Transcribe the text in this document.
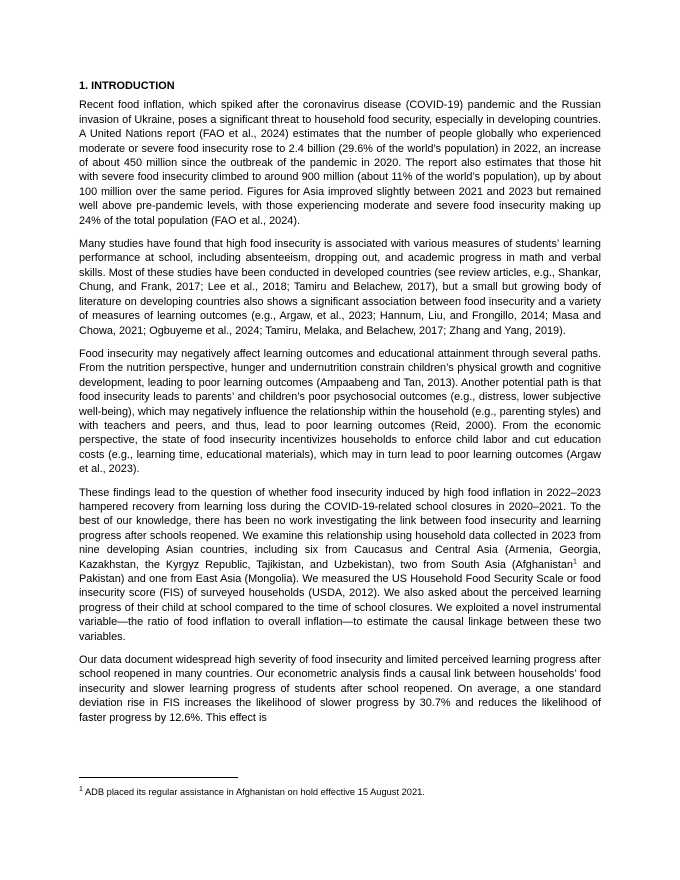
1. INTRODUCTION

Recent food inflation, which spiked after the coronavirus disease (COVID-19) pandemic and the Russian invasion of Ukraine, poses a significant threat to household food security, especially in developing countries. A United Nations report (FAO et al., 2024) estimates that the number of people globally who experienced moderate or severe food insecurity rose to 2.4 billion (29.6% of the world’s population) in 2022, an increase of about 450 million since the outbreak of the pandemic in 2020. The report also estimates that those hit with severe food insecurity climbed to around 900 million (about 11% of the world’s population), up by about 100 million over the same period. Figures for Asia improved slightly between 2021 and 2023 but remained well above pre-pandemic levels, with those experiencing moderate and severe food insecurity making up 24% of the total population (FAO et al., 2024).

Many studies have found that high food insecurity is associated with various measures of students’ learning performance at school, including absenteeism, dropping out, and academic progress in math and verbal skills. Most of these studies have been conducted in developed countries (see review articles, e.g., Shankar, Chung, and Frank, 2017; Lee et al., 2018; Tamiru and Belachew, 2017), but a small but growing body of literature on developing countries also shows a significant association between food insecurity and a variety of measures of learning outcomes (e.g., Argaw, et al., 2023; Hannum, Liu, and Frongillo, 2014; Masa and Chowa, 2021; Ogbuyeme et al., 2024; Tamiru, Melaka, and Belachew, 2017; Zhang and Yang, 2019).

Food insecurity may negatively affect learning outcomes and educational attainment through several paths. From the nutrition perspective, hunger and undernutrition constrain children’s physical growth and cognitive development, leading to poor learning outcomes (Ampaabeng and Tan, 2013). Another potential path is that food insecurity leads to parents’ and children’s poor psychosocial outcomes (e.g., distress, lower subjective well-being), which may negatively influence the relationship within the household (e.g., parenting styles) and with teachers and peers, and thus, lead to poor learning outcomes (Reid, 2000). From the economic perspective, the state of food insecurity incentivizes households to enforce child labor and cut education costs (e.g., learning time, educational materials), which may in turn lead to poor learning outcomes (Argaw et al., 2023).

These findings lead to the question of whether food insecurity induced by high food inflation in 2022–2023 hampered recovery from learning loss during the COVID-19-related school closures in 2020–2021. To the best of our knowledge, there has been no work investigating the link between food insecurity and learning progress after schools reopened. We examine this relationship using household data collected in 2023 from nine developing Asian countries, including six from Caucasus and Central Asia (Armenia, Georgia, Kazakhstan, the Kyrgyz Republic, Tajikistan, and Uzbekistan), two from South Asia (Afghanistan$^1$ and Pakistan) and one from East Asia (Mongolia). We measured the US Household Food Security Scale or food insecurity score (FIS) of surveyed households (USDA, 2012). We also asked about the perceived learning progress of their child at school compared to the time of school closures. We exploited a novel instrumental variable—the ratio of food inflation to overall inflation—to estimate the causal linkage between these two variables.

Our data document widespread high severity of food insecurity and limited perceived learning progress after school reopened in many countries. Our econometric analysis finds a causal link between households’ food insecurity and slower learning progress of students after school reopened. On average, a one standard deviation rise in FIS increases the likelihood of slower progress by 30.7% and reduces the likelihood of faster progress by 12.6%. This effect is

$^1$ ADB placed its regular assistance in Afghanistan on hold effective 15 August 2021.
